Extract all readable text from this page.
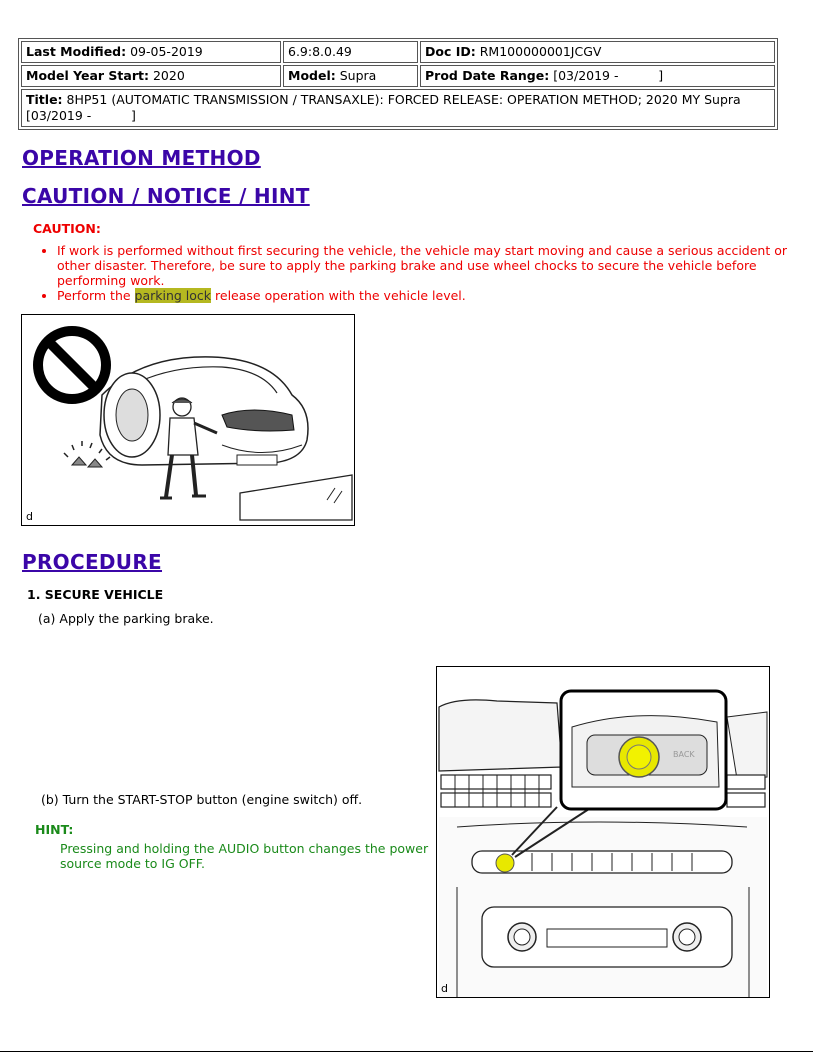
Last Modified: 09-05-2019	6.9:8.0.49	Doc ID: RM100000001JCGV
Model Year Start: 2020	Model: Supra	Prod Date Range: [03/2019 -          ]
Title: 8HP51 (AUTOMATIC TRANSMISSION / TRANSAXLE): FORCED RELEASE: OPERATION METHOD; 2020 MY Supra [03/2019 -          ]		
OPERATION METHOD
CAUTION / NOTICE / HINT
CAUTION:
• If work is performed without first securing the vehicle, the vehicle may start moving and cause a serious accident or other disaster. Therefore, be sure to apply the parking brake and use wheel chocks to secure the vehicle before performing work.
• Perform the parking lock release operation with the vehicle level.
d
PROCEDURE
1. SECURE VEHICLE
(a) Apply the parking brake.
(b) Turn the START-STOP button (engine switch) off.
HINT:
Pressing and holding the AUDIO button changes the power source mode to IG OFF.
BACK
d
